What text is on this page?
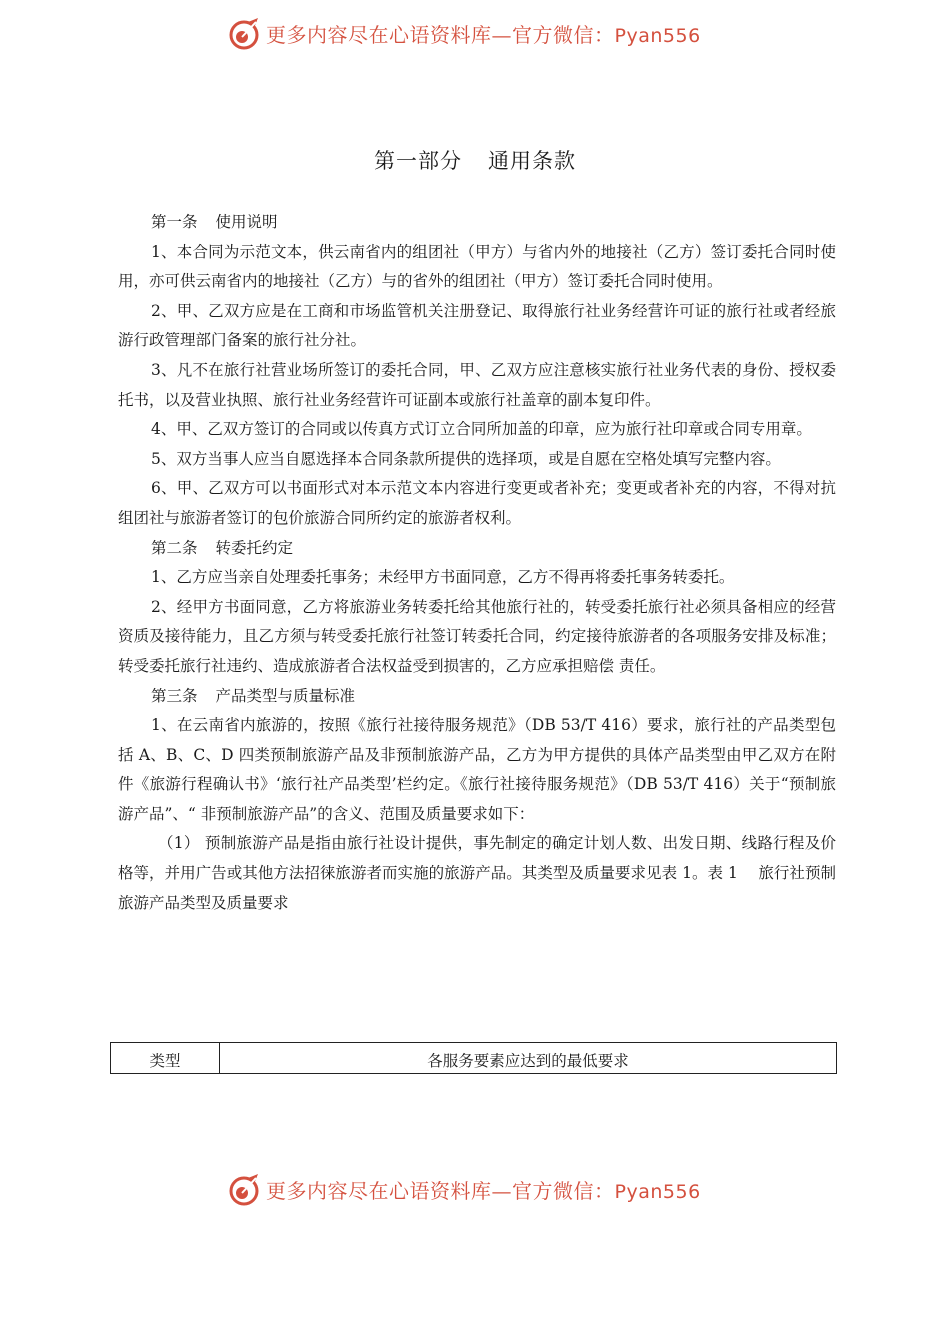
更多内容尽在心语资料库—官方微信：Pyan556
第一部分 通用条款

第一条 使用说明

1、本合同为示范文本，供云南省内的组团社（甲方）与省内外的地接社（乙方）签订委托合同时使用，亦可供云南省内的地接社（乙方）与的省外的组团社（甲方）签订委托合同时使用。

2、甲、乙双方应是在工商和市场监管机关注册登记、取得旅行社业务经营许可证的旅行社或者经旅游行政管理部门备案的旅行社分社。

3、凡不在旅行社营业场所签订的委托合同，甲、乙双方应注意核实旅行社业务代表的身份、授权委托书，以及营业执照、旅行社业务经营许可证副本或旅行社盖章的副本复印件。

4、甲、乙双方签订的合同或以传真方式订立合同所加盖的印章，应为旅行社印章或合同专用章。

5、双方当事人应当自愿选择本合同条款所提供的选择项，或是自愿在空格处填写完整内容。

6、甲、乙双方可以书面形式对本示范文本内容进行变更或者补充；变更或者补充的内容，不得对抗组团社与旅游者签订的包价旅游合同所约定的旅游者权利。

第二条 转委托约定

1、乙方应当亲自处理委托事务；未经甲方书面同意，乙方不得再将委托事务转委托。

2、经甲方书面同意，乙方将旅游业务转委托给其他旅行社的，转受委托旅行社必须具备相应的经营资质及接待能力，且乙方须与转受委托旅行社签订转委托合同，约定接待旅游者的各项服务安排及标准；转受委托旅行社违约、造成旅游者合法权益受到损害的，乙方应承担赔偿 责任。

第三条 产品类型与质量标准

1、在云南省内旅游的，按照《旅行社接待服务规范》（DB 53/T 416）要求，旅行社的产品类型包括 A、B、C、D 四类预制旅游产品及非预制旅游产品，乙方为甲方提供的具体产品类型由甲乙双方在附件《旅游行程确认书》‘旅行社产品类型’栏约定。《旅行社接待服务规范》（DB 53/T 416）关于“预制旅游产品”、“ 非预制旅游产品”的含义、范围及质量要求如下：

（1） 预制旅游产品是指由旅行社设计提供，事先制定的确定计划人数、出发日期、线路行程及价格等，并用广告或其他方法招徕旅游者而实施的旅游产品。其类型及质量要求见表 1。表 1　 旅行社预制旅游产品类型及质量要求

类型	各服务要素应达到的最低要求
更多内容尽在心语资料库—官方微信：Pyan556
